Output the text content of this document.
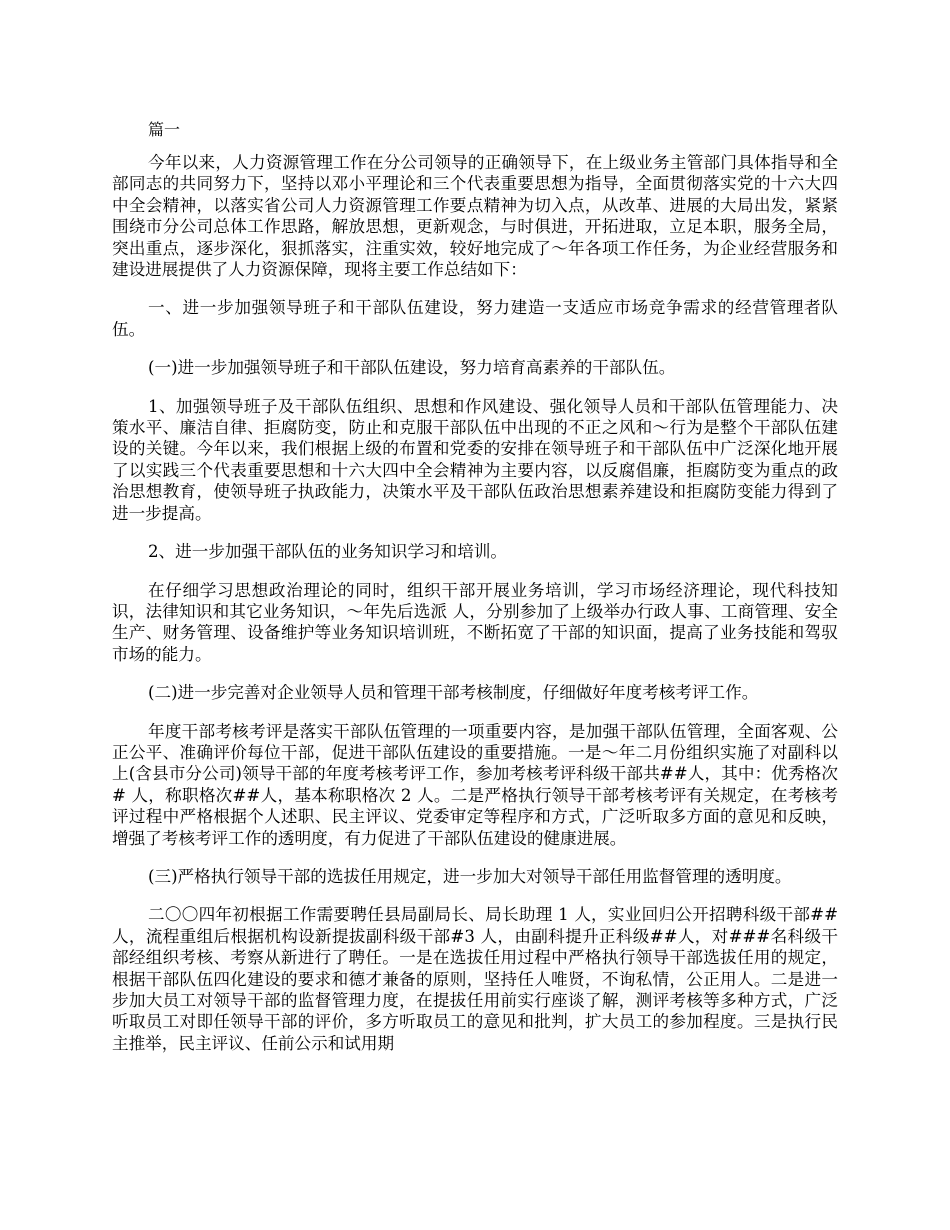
篇一

今年以来，人力资源管理工作在分公司领导的正确领导下，在上级业务主管部门具体指导和全部同志的共同努力下，坚持以邓小平理论和三个代表重要思想为指导，全面贯彻落实党的十六大四中全会精神，以落实省公司人力资源管理工作要点精神为切入点，从改革、进展的大局出发，紧紧围绕市分公司总体工作思路，解放思想，更新观念，与时俱进，开拓进取，立足本职，服务全局，突出重点，逐步深化，狠抓落实，注重实效，较好地完成了～年各项工作任务，为企业经营服务和建设进展提供了人力资源保障，现将主要工作总结如下：

一、进一步加强领导班子和干部队伍建设，努力建造一支适应市场竞争需求的经营管理者队伍。

(一)进一步加强领导班子和干部队伍建设，努力培育高素养的干部队伍。

1、加强领导班子及干部队伍组织、思想和作风建设、强化领导人员和干部队伍管理能力、决策水平、廉洁自律、拒腐防变，防止和克服干部队伍中出现的不正之风和～行为是整个干部队伍建设的关键。今年以来，我们根据上级的布置和党委的安排在领导班子和干部队伍中广泛深化地开展了以实践三个代表重要思想和十六大四中全会精神为主要内容，以反腐倡廉，拒腐防变为重点的政治思想教育，使领导班子执政能力，决策水平及干部队伍政治思想素养建设和拒腐防变能力得到了进一步提高。

2、进一步加强干部队伍的业务知识学习和培训。

在仔细学习思想政治理论的同时，组织干部开展业务培训，学习市场经济理论，现代科技知识，法律知识和其它业务知识，～年先后选派 人，分别参加了上级举办行政人事、工商管理、安全生产、财务管理、设备维护等业务知识培训班，不断拓宽了干部的知识面，提高了业务技能和驾驭市场的能力。

(二)进一步完善对企业领导人员和管理干部考核制度，仔细做好年度考核考评工作。

年度干部考核考评是落实干部队伍管理的一项重要内容，是加强干部队伍管理，全面客观、公正公平、准确评价每位干部，促进干部队伍建设的重要措施。一是～年二月份组织实施了对副科以上(含县市分公司)领导干部的年度考核考评工作，参加考核考评科级干部共##人，其中：优秀格次# 人，称职格次##人，基本称职格次 2 人。二是严格执行领导干部考核考评有关规定，在考核考评过程中严格根据个人述职、民主评议、党委审定等程序和方式，广泛听取多方面的意见和反映，增强了考核考评工作的透明度，有力促进了干部队伍建设的健康进展。

(三)严格执行领导干部的选拔任用规定，进一步加大对领导干部任用监督管理的透明度。

二〇〇四年初根据工作需要聘任县局副局长、局长助理 1 人，实业回归公开招聘科级干部##人，流程重组后根据机构设新提拔副科级干部#3 人，由副科提升正科级##人，对###名科级干部经组织考核、考察从新进行了聘任。一是在选拔任用过程中严格执行领导干部选拔任用的规定，根据干部队伍四化建设的要求和德才兼备的原则，坚持任人唯贤，不询私情，公正用人。二是进一步加大员工对领导干部的监督管理力度，在提拔任用前实行座谈了解，测评考核等多种方式，广泛听取员工对即任领导干部的评价，多方听取员工的意见和批判，扩大员工的参加程度。三是执行民主推举，民主评议、任前公示和试用期
